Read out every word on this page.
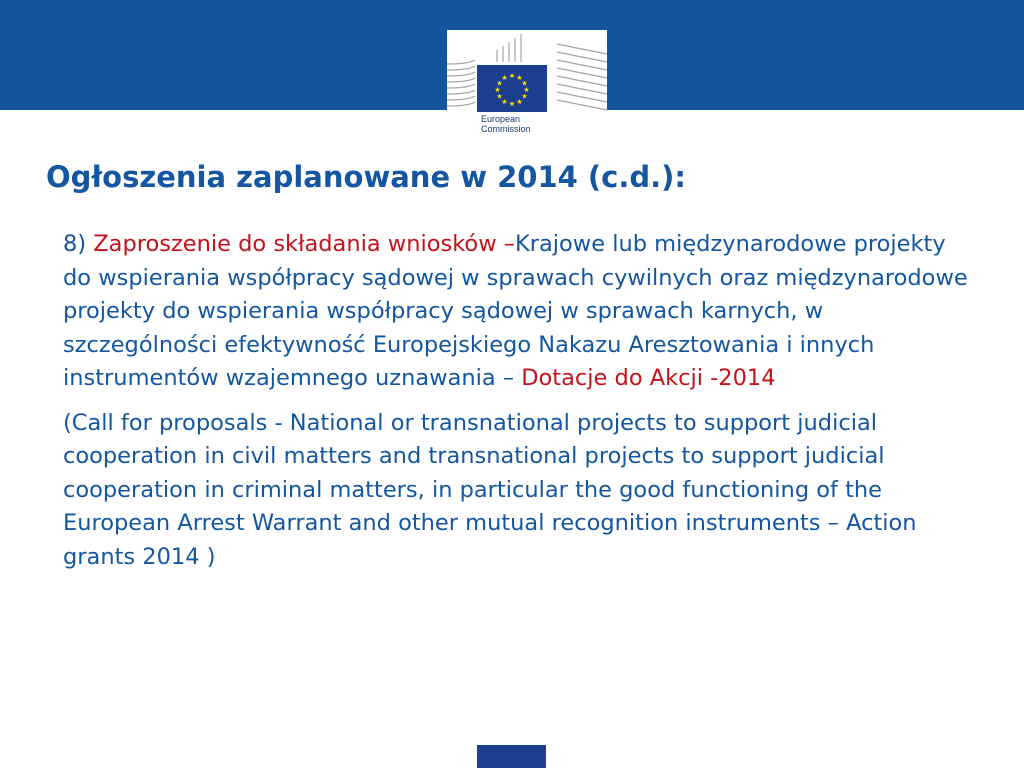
★ ★
★
★
★
★
★
★
★
★
★
★
European
Commission
Ogłoszenia zaplanowane w 2014 (c.d.):

8) Zaproszenie do składania wniosków –Krajowe lub międzynarodowe projekty do wspierania współpracy sądowej w sprawach cywilnych oraz międzynarodowe projekty do wspierania współpracy sądowej w sprawach karnych, w szczególności efektywność Europejskiego Nakazu Aresztowania i innych instrumentów wzajemnego uznawania – Dotacje do Akcji -2014

(Call for proposals - National or transnational projects to support judicial cooperation in civil matters and transnational projects to support judicial cooperation in criminal matters, in particular the good functioning of the European Arrest Warrant and other mutual recognition instruments – Action grants 2014 )
